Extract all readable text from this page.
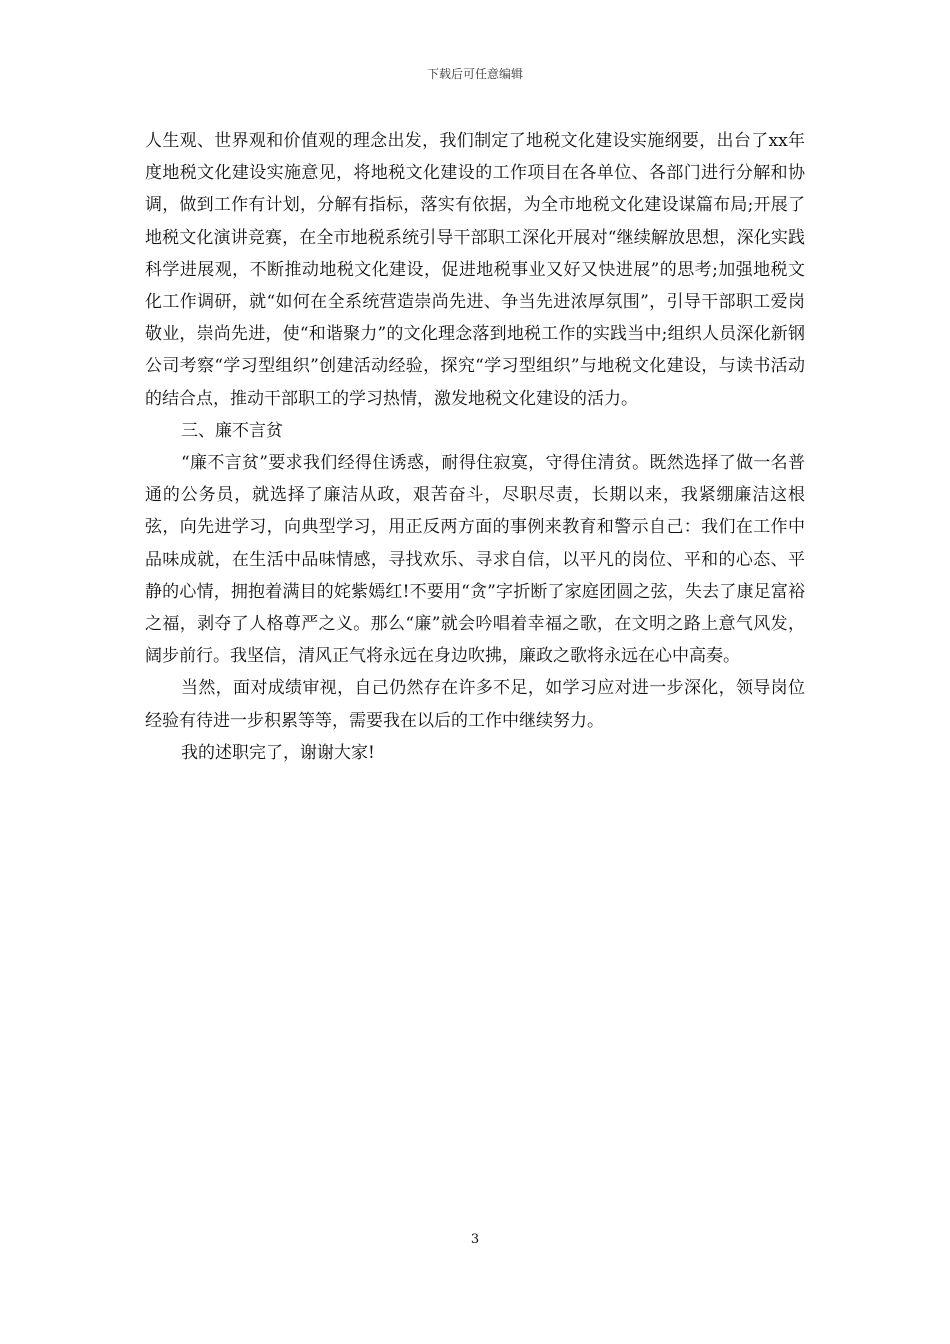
下载后可任意编辑

人生观、世界观和价值观的理念出发，我们制定了地税文化建设实施纲要，出台了xx年度地税文化建设实施意见，将地税文化建设的工作项目在各单位、各部门进行分解和协调，做到工作有计划，分解有指标，落实有依据，为全市地税文化建设谋篇布局;开展了地税文化演讲竞赛，在全市地税系统引导干部职工深化开展对“继续解放思想，深化实践科学进展观，不断推动地税文化建设，促进地税事业又好又快进展”的思考;加强地税文化工作调研，就“如何在全系统营造崇尚先进、争当先进浓厚氛围”，引导干部职工爱岗敬业，崇尚先进，使“和谐聚力”的文化理念落到地税工作的实践当中;组织人员深化新钢公司考察“学习型组织”创建活动经验，探究“学习型组织”与地税文化建设，与读书活动的结合点，推动干部职工的学习热情，激发地税文化建设的活力。

三、廉不言贫

“廉不言贫”要求我们经得住诱惑，耐得住寂寞，守得住清贫。既然选择了做一名普通的公务员，就选择了廉洁从政，艰苦奋斗，尽职尽责，长期以来，我紧绷廉洁这根弦，向先进学习，向典型学习，用正反两方面的事例来教育和警示自己：我们在工作中品味成就，在生活中品味情感，寻找欢乐、寻求自信，以平凡的岗位、平和的心态、平静的心情，拥抱着满目的姹紫嫣红!不要用“贪”字折断了家庭团圆之弦，失去了康足富裕之福，剥夺了人格尊严之义。那么“廉”就会吟唱着幸福之歌，在文明之路上意气风发，阔步前行。我坚信，清风正气将永远在身边吹拂，廉政之歌将永远在心中高奏。

当然，面对成绩审视，自己仍然存在许多不足，如学习应对进一步深化，领导岗位经验有待进一步积累等等，需要我在以后的工作中继续努力。

我的述职完了，谢谢大家!

3
